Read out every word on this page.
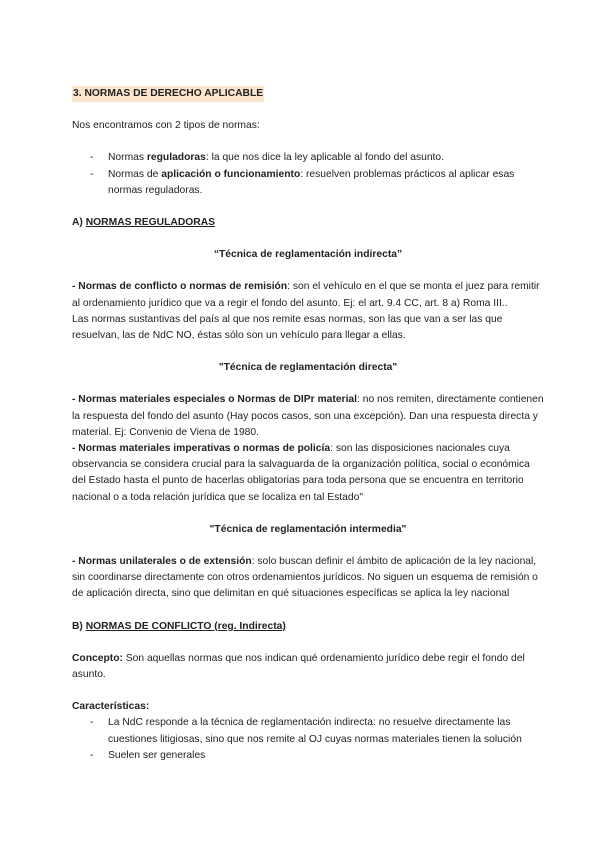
3. NORMAS DE DERECHO APLICABLE

Nos encontramos con 2 tipos de normas:

- Normas reguladoras: la que nos dice la ley aplicable al fondo del asunto.
- Normas de aplicación o funcionamiento: resuelven problemas prácticos al aplicar esas normas reguladoras.

A) NORMAS REGULADORAS

“Técnica de reglamentación indirecta”

- Normas de conflicto o normas de remisión: son el vehículo en el que se monta el juez para remitir al ordenamiento jurídico que va a regir el fondo del asunto. Ej: el art. 9.4 CC, art. 8 a) Roma III..

Las normas sustantivas del país al que nos remite esas normas, son las que van a ser las que resuelvan, las de NdC NO, éstas sólo son un vehículo para llegar a ellas.

"Técnica de reglamentación directa"

- Normas materiales especiales o Normas de DIPr material: no nos remiten, directamente contienen la respuesta del fondo del asunto (Hay pocos casos, son una excepción). Dan una respuesta directa y material. Ej: Convenio de Viena de 1980.

- Normas materiales imperativas o normas de policía: son las disposiciones nacionales cuya observancia se considera crucial para la salvaguarda de la organización política, social o económica del Estado hasta el punto de hacerlas obligatorias para toda persona que se encuentra en territorio nacional o a toda relación jurídica que se localiza en tal Estado"

"Técnica de reglamentación intermedia"

- Normas unilaterales o de extensión: solo buscan definir el ámbito de aplicación de la ley nacional, sin coordinarse directamente con otros ordenamientos jurídicos. No siguen un esquema de remisión o de aplicación directa, sino que delimitan en qué situaciones específicas se aplica la ley nacional

B) NORMAS DE CONFLICTO (reg. Indirecta)

Concepto: Son aquellas normas que nos indican qué ordenamiento jurídico debe regir el fondo del asunto.

Características:

- La NdC responde a la técnica de reglamentación indirecta: no resuelve directamente las cuestiones litigiosas, sino que nos remite al OJ cuyas normas materiales tienen la solución
- Suelen ser generales
